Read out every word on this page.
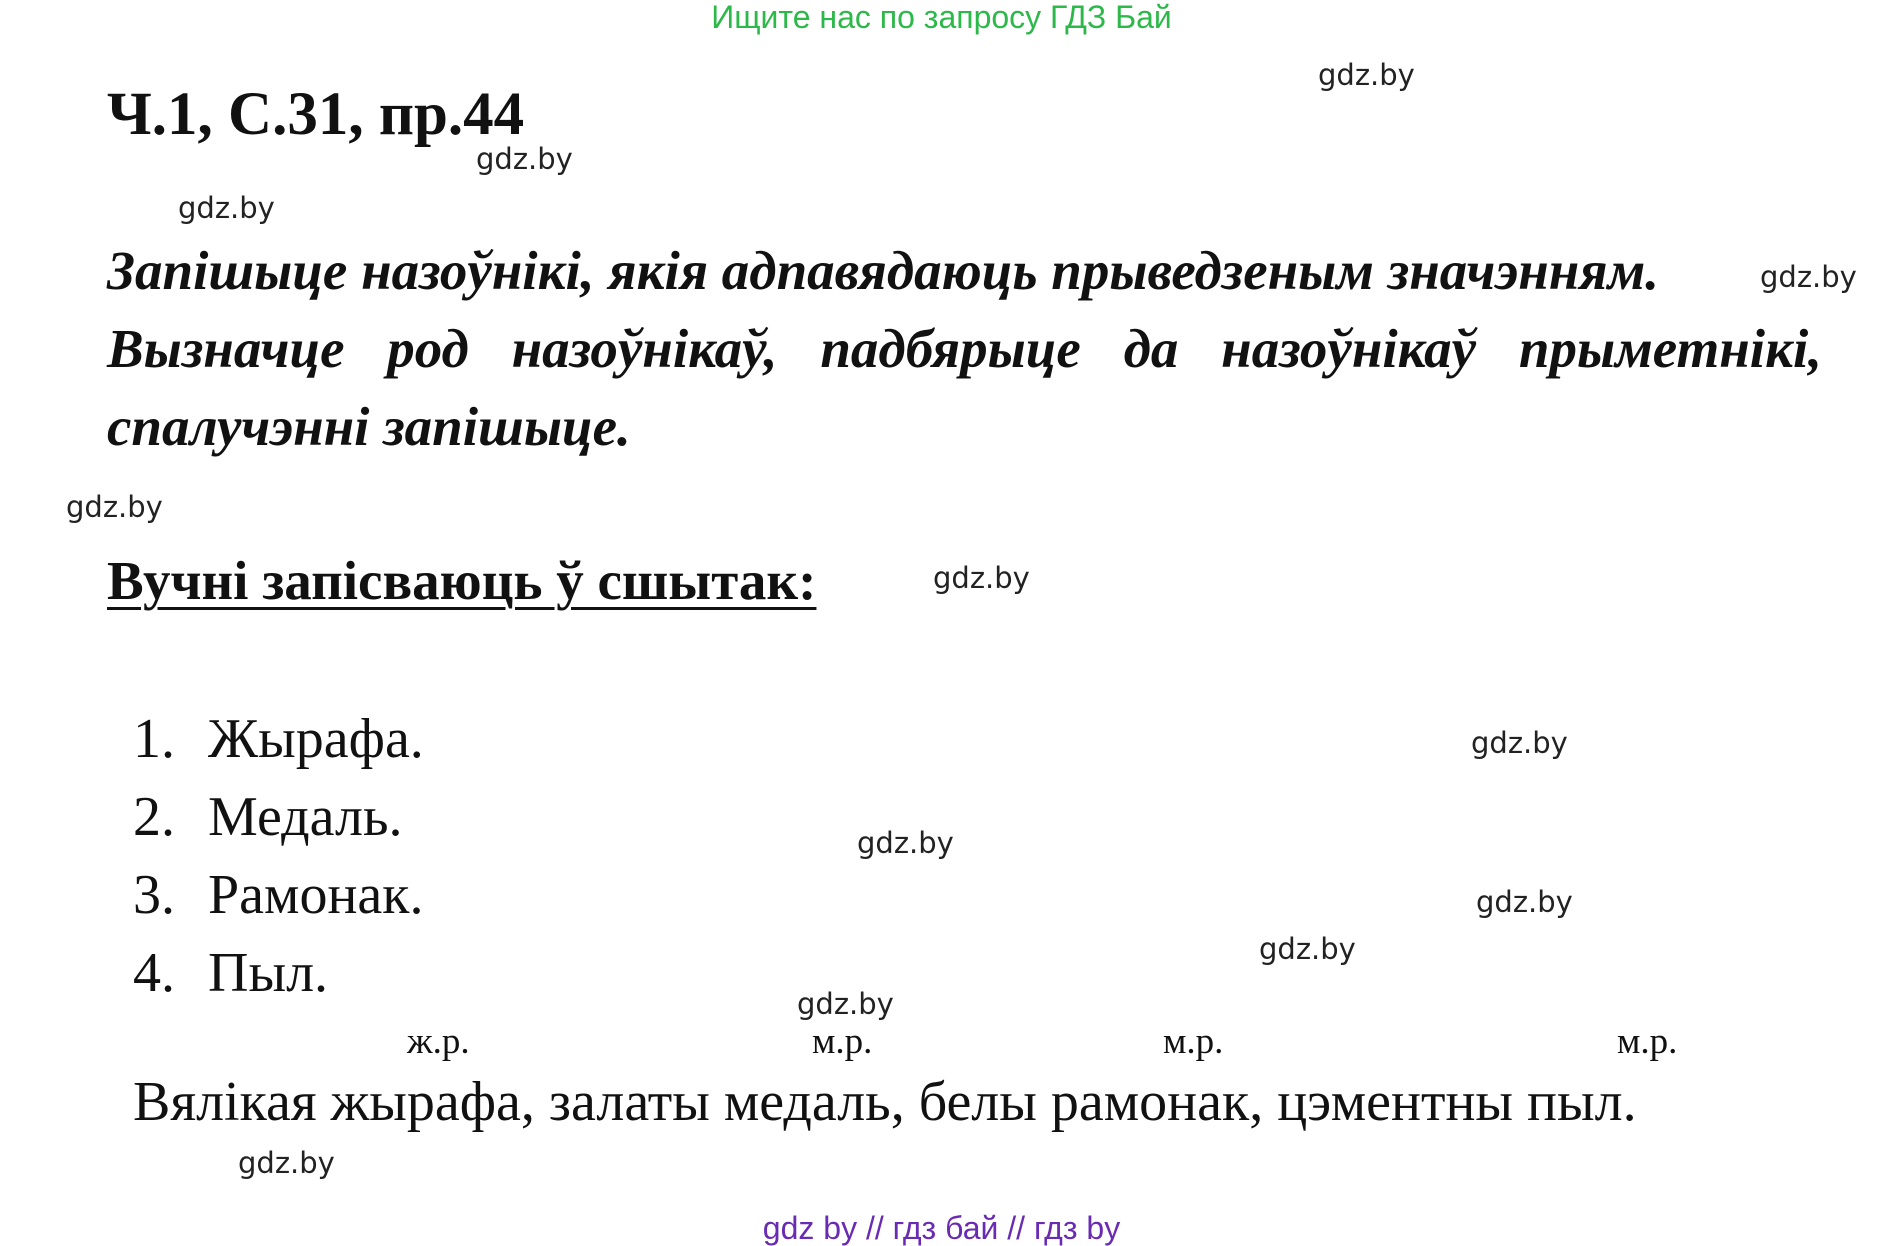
Ищите нас по запросу ГДЗ Бай
gdz.by
gdz.by
gdz.by
gdz.by
gdz.by
gdz.by
gdz.by
gdz.by
gdz.by
gdz.by
gdz.by
gdz.by
Ч.1, С.31, пр.44
Запішыце назоўнікі, якія адпавядаюць прыведзеным значэнням.
Вызначце род назоўнікаў, падбярыце да назоўнікаў прыметнікі,
спалучэнні запішыце.
Вучні запісваюць ў сшытак:
1. Жырафа.
2. Медаль.
3. Рамонак.
4. Пыл.
ж.р.	м.р.	м.р.	м.р.
Вялікая жырафа, залаты медаль, белы рамонак, цэментны пыл.
gdz by // гдз бай // гдз by
